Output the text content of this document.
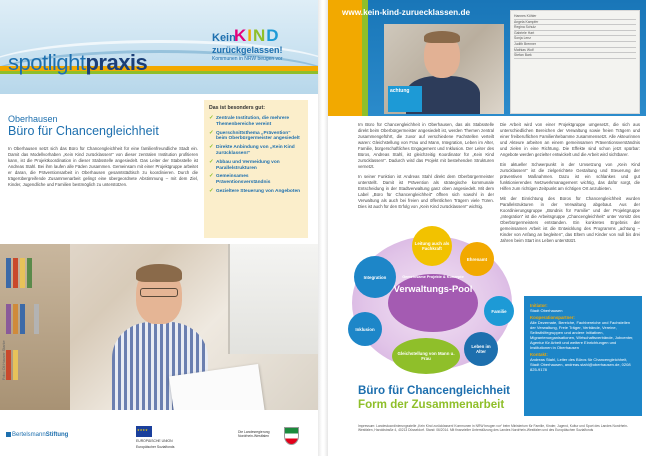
spotlightpraxis
Kein
KIND
zurückgelassen!
Kommunen in NRW beugen vor
Oberhausen
Büro für Chancengleichheit

In Oberhausen setzt sich das Büro für Chancengleichheit für eine familienfreundliche Stadt ein. Damit das Modellvorhaben „Kein Kind zurücklassen!“ von dieser zentralen Institution profitieren kann, ist die Projektkoordination in dieser Stabsstelle angesiedelt. Das Leiter der Stabsstelle ist Andreas Stahl. Bei ihm laufen alle Fäden zusammen. Gemeinsam mit einer Projektgruppe arbeitet er daran, die Präventionsarbeit in Oberhausen gesamtstädtisch zu koordinieren. Durch die trägerübergreifende Zusammenarbeit gelingt eine übergeordnete Abstimmung – mit dem Ziel, Kinder, Jugendliche und Familien bestmöglich zu unterstützen.

Das ist besonders gut:
✓ Zentrale Institution, die mehrere Themenbereiche vereint
✓ Querschnittsthema „Prävention“ beim Oberbürgermeister angesiedelt
✓ Direkte Anbindung von „Kein Kind zurücklassen!“
✓ Abbau und Vermeidung von Parallelstrukturen
✓ Gemeinsames Präventionsverständnis
✓ Gezieltere Steuerung von Angeboten
Foto: Oli Hauser Starke
BertelsmannStiftung
★★★★
EUROPÄISCHE UNION
Europäischer Sozialfonds
Die Landesregierung
Nordrhein-Westfalen
www.kein-kind-zuruecklassen.de
achtung
Hannes Köhler
Angela Kampfer
Regina Schulz
Gabriele Hart
Sonja Lenz
Judith Brenner
Mathias Wolf
Stefan Bark

Im Büro für Chancengleichheit in Oberhausen, das als Stabsstelle direkt beim Oberbürgermeister angesiedelt ist, werden Themen zentral zusammengeführt, die zuvor auf verschiedene Fachstellen verteilt waren: Gleichstellung von Frau und Mann, Integration, Leben im Alter, Familie, bürgerschaftliches Engagement und Inklusion. Der Leiter des Büros, Andreas Stahl, ist gleichzeitig Koordinator für „Kein Kind zurücklassen!“. Dadurch wird das Projekt mit bestehenden Strukturen vernetzt.

In seiner Funktion ist Andreas Stahl direkt dem Oberbürgermeister unterstellt. Damit ist Prävention als strategische kommunale Entscheidung in der Stadtverwaltung ganz oben angesiedelt. Mit dem Label „Büro für Chancengleichheit“ öffnen sich sowohl in der Verwaltung als auch bei freien und öffentlichen Trägern viele Türen. Dies ist auch für den Erfolg von „Kein Kind zurücklassen!“ wichtig.

Die Arbeit wird von einer Projektgruppe umgesetzt, die sich aus unterschiedlichen Bereichen der Verwaltung sowie freien Trägern und einer freiberuflichen Familienhebamme zusammensetzt. Alle Akteurinnen und Akteure arbeiten an einem gemeinsamen Präventionsverständnis und zielen in eine Richtung. Die Effekte sind schon jetzt spürbar: Angebote werden gezielter entwickelt und die Arbeit wird sichtbarer.

Ein aktueller Schwerpunkt in der Umsetzung von „Kein Kind zurücklassen!“ ist die zielgerichtete Gestaltung und Steuerung der präventiven Maßnahmen. Dazu ist ein schlankes und gut funktionierendes Netzwerkmanagement wichtig, das dafür sorgt, die Hilfen zum richtigen Zeitpunkt am richtigen Ort anzubieten.

Mit der Einrichtung des Büros für Chancengleichheit wurden Parallelstrukturen in der Verwaltung abgebaut. Aus der Koordinierungsgruppe „Bündnis für Familie“ und der Projektgruppe „Integration“ ist die Arbeitsgruppe „Chancengleichheit“ unter Vorsitz des Oberbürgermeisters entstanden. Ein konkretes Ergebnis der gemeinsamen Arbeit ist die Entwicklung des Programms „achtung – Kinder von Anfang an begleiten“, das Eltern und Kinder von null bis drei Jahren beim Start ins Leben unterstützt.

Gemeinsame Projekte & Konzepte
Verwaltungs-Pool
Leitung auch als Fachkraft
Ehrenamt
Integration
Familie
Inklusion
Leben im Alter
Gleichstellung von Mann u. Frau
Initiator:
Stadt Oberhausen
Kooperationspartner:
Alle Dezernate, Bereiche, Fachbereiche und Fachstellen der Verwaltung, Freie Träger, Verbände, Vereine, Selbsthilfegruppen und andere Initiativen, Migrantenorganisationen, Wirtschaftsverbände, Jobcenter, Agentur für Arbeit und weitere Einrichtungen und Institutionen in Oberhausen
Kontakt:
Andreas Stahl, Leiter des Büros für Chancengleichheit, Stadt Oberhausen, andreas.stahl@oberhausen.de, 0208 825-9178
Büro für Chancengleichheit
Form der Zusammenarbeit
Impressum: Landeskoordinierungsstelle „Kein Kind zurücklassen! Kommunen in NRW beugen vor“ beim Ministerium für Familie, Kinder, Jugend, Kultur und Sport des Landes Nordrhein-Westfalen, Haroldstraße 4, 40213 Düsseldorf. Stand: 06/2014. Mit finanzieller Unterstützung des Landes Nordrhein-Westfalen und des Europäischen Sozialfonds
